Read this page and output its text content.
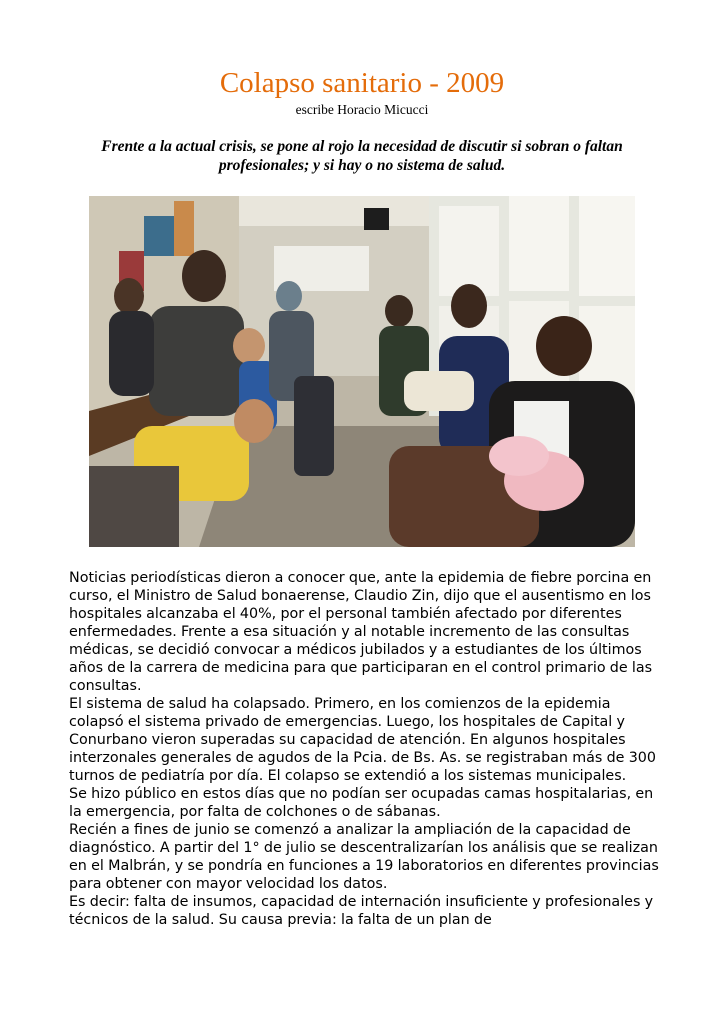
Colapso sanitario - 2009
escribe Horacio Micucci
Frente a la actual crisis, se pone al rojo la necesidad de discutir si sobran o faltan profesionales; y si hay o no sistema de salud.

Noticias periodísticas dieron a conocer que, ante la epidemia de fiebre porcina en curso, el Ministro de Salud bonaerense, Claudio Zin, dijo que el ausentismo en los hospitales alcanzaba el 40%, por el personal también afectado por diferentes enfermedades. Frente a esa situación y al notable incremento de las consultas médicas, se decidió convocar a médicos jubilados y a estudiantes de los últimos años de la carrera de medicina para que participaran en el control primario de las consultas.

El sistema de salud ha colapsado. Primero, en los comienzos de la epidemia colapsó el sistema privado de emergencias. Luego, los hospitales de Capital y Conurbano vieron superadas su capacidad de atención. En algunos hospitales interzonales generales de agudos de la Pcia. de Bs. As. se registraban más de 300 turnos de pediatría por día. El colapso se extendió a los sistemas municipales.

Se hizo público en estos días que no podían ser ocupadas camas hospitalarias, en la emergencia, por falta de colchones o de sábanas.

Recién a fines de junio se comenzó a analizar la ampliación de la capacidad de diagnóstico. A partir del 1° de julio se descentralizarían los análisis que se realizan en el Malbrán, y se pondría en funciones a 19 laboratorios en diferentes provincias para obtener con mayor velocidad los datos.

Es decir: falta de insumos, capacidad de internación insuficiente y profesionales y técnicos de la salud. Su causa previa: la falta de un plan de
